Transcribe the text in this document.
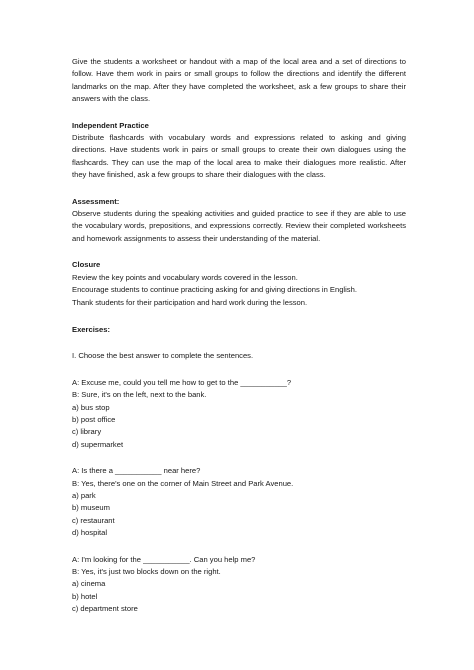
Give the students a worksheet or handout with a map of the local area and a set of directions to follow. Have them work in pairs or small groups to follow the directions and identify the different landmarks on the map. After they have completed the worksheet, ask a few groups to share their answers with the class.

Independent Practice

Distribute flashcards with vocabulary words and expressions related to asking and giving directions. Have students work in pairs or small groups to create their own dialogues using the flashcards. They can use the map of the local area to make their dialogues more realistic. After they have finished, ask a few groups to share their dialogues with the class.

Assessment:

Observe students during the speaking activities and guided practice to see if they are able to use the vocabulary words, prepositions, and expressions correctly. Review their completed worksheets and homework assignments to assess their understanding of the material.

Closure

Review the key points and vocabulary words covered in the lesson.
Encourage students to continue practicing asking for and giving directions in English.
Thank students for their participation and hard work during the lesson.

Exercises:

I. Choose the best answer to complete the sentences.

A: Excuse me, could you tell me how to get to the ___________?
B: Sure, it's on the left, next to the bank.
a) bus stop
b) post office
c) library
d) supermarket
A: Is there a ___________ near here?
B: Yes, there's one on the corner of Main Street and Park Avenue.
a) park
b) museum
c) restaurant
d) hospital
A: I'm looking for the ___________. Can you help me?
B: Yes, it's just two blocks down on the right.
a) cinema
b) hotel
c) department store
